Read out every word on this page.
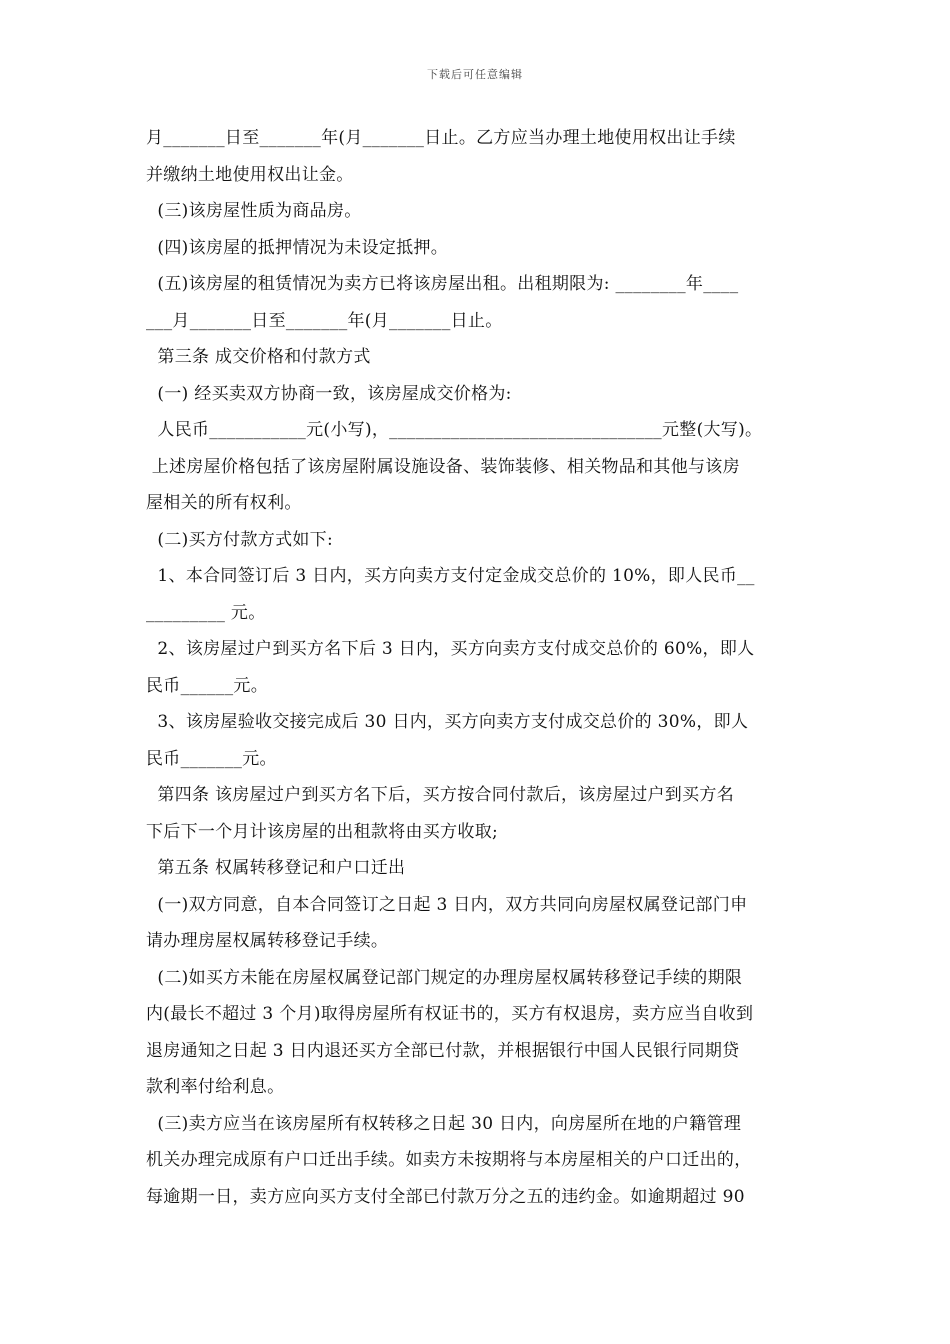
下载后可任意编辑
月_______日至_______年(月_______日止。乙方应当办理土地使用权出让手续
并缴纳土地使用权出让金。
(三)该房屋性质为商品房。
(四)该房屋的抵押情况为未设定抵押。
(五)该房屋的租赁情况为卖方已将该房屋出租。出租期限为: ________年____
___月_______日至_______年(月_______日止。
第三条 成交价格和付款方式
(一) 经买卖双方协商一致，该房屋成交价格为:
人民币___________元(小写)，_______________________________元整(大写)。
上述房屋价格包括了该房屋附属设施设备、装饰装修、相关物品和其他与该房
屋相关的所有权利。
(二)买方付款方式如下:
1、本合同签订后 3 日内，买方向卖方支付定金成交总价的 10%，即人民币__
_________ 元。
2、该房屋过户到买方名下后 3 日内，买方向卖方支付成交总价的 60%，即人
民币______元。
3、该房屋验收交接完成后 30 日内，买方向卖方支付成交总价的 30%，即人
民币_______元。
第四条 该房屋过户到买方名下后，买方按合同付款后，该房屋过户到买方名
下后下一个月计该房屋的出租款将由买方收取;
第五条 权属转移登记和户口迁出
(一)双方同意，自本合同签订之日起 3 日内，双方共同向房屋权属登记部门申
请办理房屋权属转移登记手续。
(二)如买方未能在房屋权属登记部门规定的办理房屋权属转移登记手续的期限
内(最长不超过 3 个月)取得房屋所有权证书的，买方有权退房，卖方应当自收到
退房通知之日起 3 日内退还买方全部已付款，并根据银行中国人民银行同期贷
款利率付给利息。
(三)卖方应当在该房屋所有权转移之日起 30 日内，向房屋所在地的户籍管理
机关办理完成原有户口迁出手续。如卖方未按期将与本房屋相关的户口迁出的，
每逾期一日，卖方应向买方支付全部已付款万分之五的违约金。如逾期超过 90
